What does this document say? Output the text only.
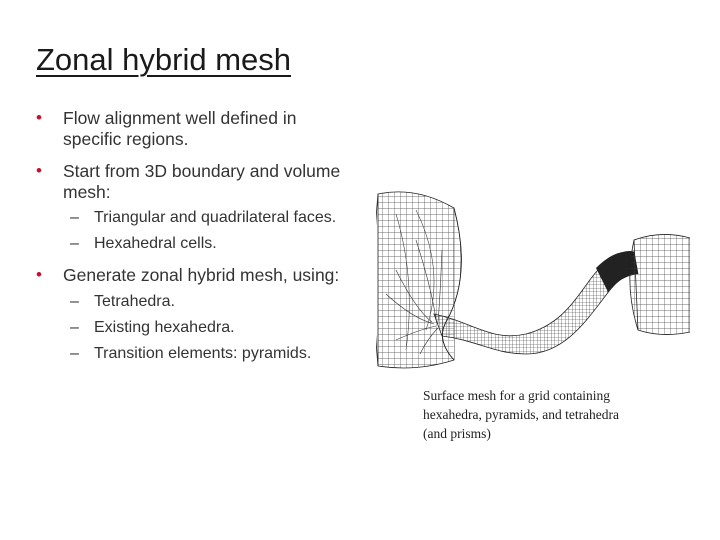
Zonal hybrid mesh
• Flow alignment well defined in specific regions.
• Start from 3D boundary and volume mesh:
– Triangular and quadrilateral faces.
– Hexahedral cells.
• Generate zonal hybrid mesh, using:
– Tetrahedra.
– Existing hexahedra.
– Transition elements: pyramids.
Surface mesh for a grid containing
hexahedra, pyramids, and tetrahedra
(and prisms)
